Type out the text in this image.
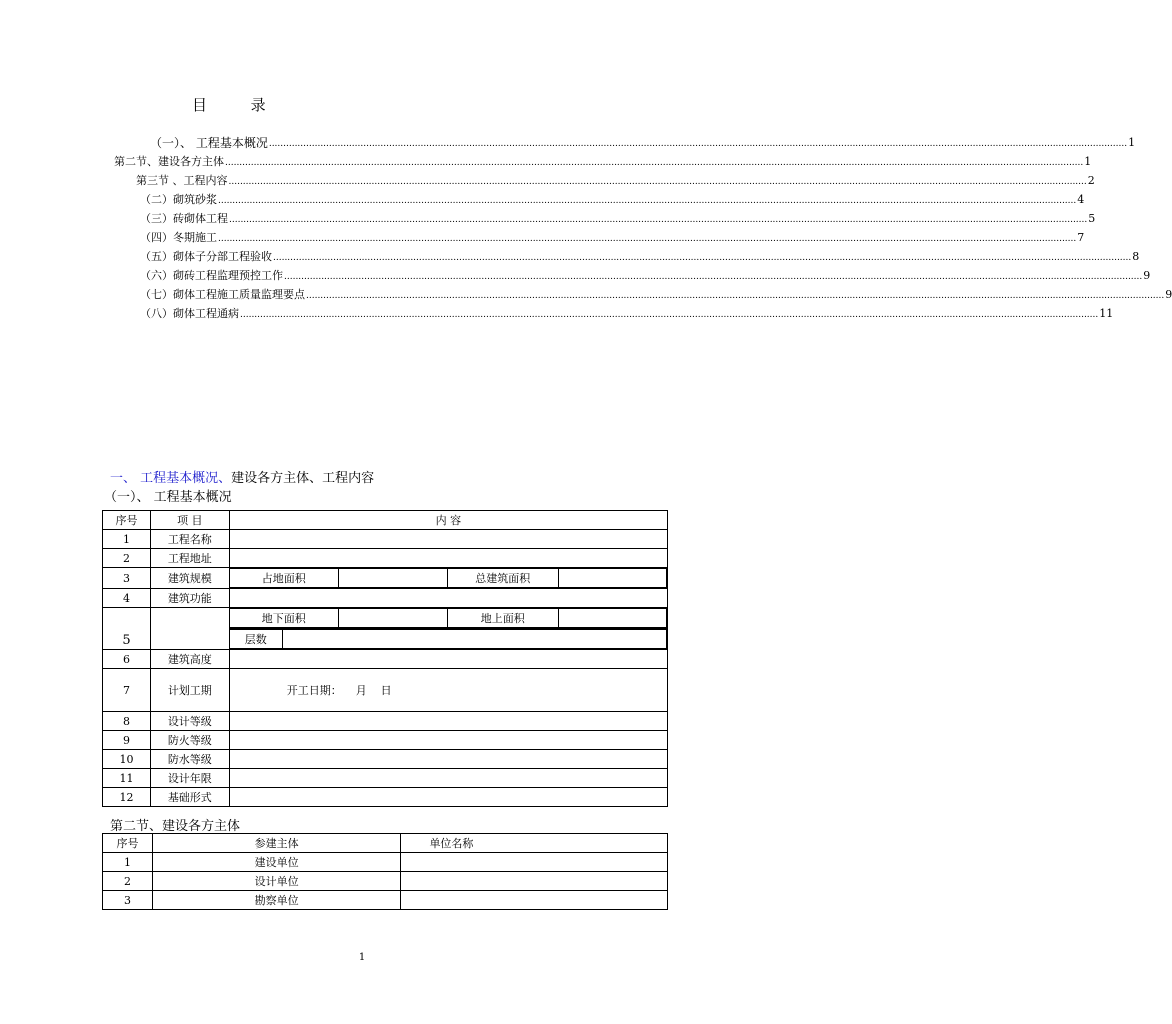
目	录
（一）、 工程基本概况 ............................................................................................................................................................................................................................................................................................................ 1
第二节、建设各方主体 ............................................................................................................................................................................................................................................................................................................ 1
第三节 、工程内容 ............................................................................................................................................................................................................................................................................................................ 2
（二）砌筑砂浆 ............................................................................................................................................................................................................................................................................................................ 4
（三）砖砌体工程 ............................................................................................................................................................................................................................................................................................................ 5
（四）冬期施工 ............................................................................................................................................................................................................................................................................................................ 7
（五）砌体子分部工程验收 ............................................................................................................................................................................................................................................................................................................ 8
（六）砌砖工程监理预控工作 ............................................................................................................................................................................................................................................................................................................ 9
（七）砌体工程施工质量监理要点 ............................................................................................................................................................................................................................................................................................................ 9
（八）砌体工程通病 ............................................................................................................................................................................................................................................................................................................ 11
一、 工程基本概况、建设各方主体、工程内容
（一）、 工程基本概况
序号	项 目	内 容
1	工程名称	
2	工程地址	
3	建筑规模		占地面积		总建筑面积	

4	建筑功能	
5		
地下面积		地上面积	

层数	

6	建筑高度	
7	计划工期	开工日期：    月    日

8	设计等级	
9	防火等级	
10	防水等级	
11	设计年限	
12	基础形式	
第二节、建设各方主体
序号	参建主体	单位名称
1	建设单位	
2	设计单位	
3	勘察单位	
1
